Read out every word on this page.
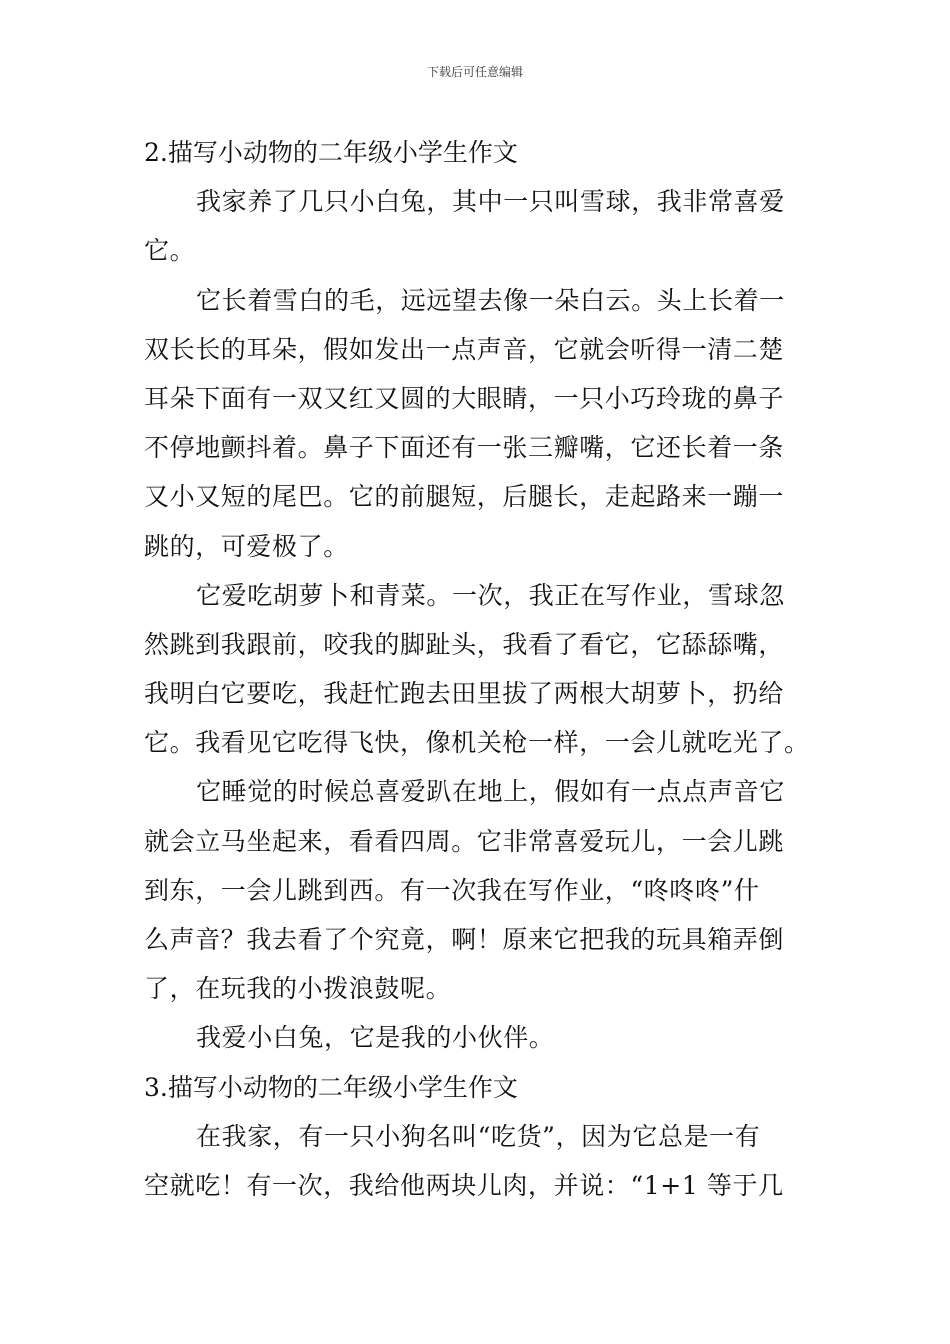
下载后可任意编辑
2.描写小动物的二年级小学生作文
我家养了几只小白兔，其中一只叫雪球，我非常喜爱
它。
它长着雪白的毛，远远望去像一朵白云。头上长着一
双长长的耳朵，假如发出一点声音，它就会听得一清二楚
耳朵下面有一双又红又圆的大眼睛，一只小巧玲珑的鼻子
不停地颤抖着。鼻子下面还有一张三瓣嘴，它还长着一条
又小又短的尾巴。它的前腿短，后腿长，走起路来一蹦一
跳的，可爱极了。
它爱吃胡萝卜和青菜。一次，我正在写作业，雪球忽
然跳到我跟前，咬我的脚趾头，我看了看它，它舔舔嘴，
我明白它要吃，我赶忙跑去田里拔了两根大胡萝卜，扔给
它。我看见它吃得飞快，像机关枪一样，一会儿就吃光了。
它睡觉的时候总喜爱趴在地上，假如有一点点声音它
就会立马坐起来，看看四周。它非常喜爱玩儿，一会儿跳
到东，一会儿跳到西。有一次我在写作业，“咚咚咚”什
么声音？我去看了个究竟，啊！原来它把我的玩具箱弄倒
了，在玩我的小拨浪鼓呢。
我爱小白兔，它是我的小伙伴。
3.描写小动物的二年级小学生作文
在我家，有一只小狗名叫“吃货”，因为它总是一有
空就吃！有一次，我给他两块儿肉，并说：“1+1 等于几
